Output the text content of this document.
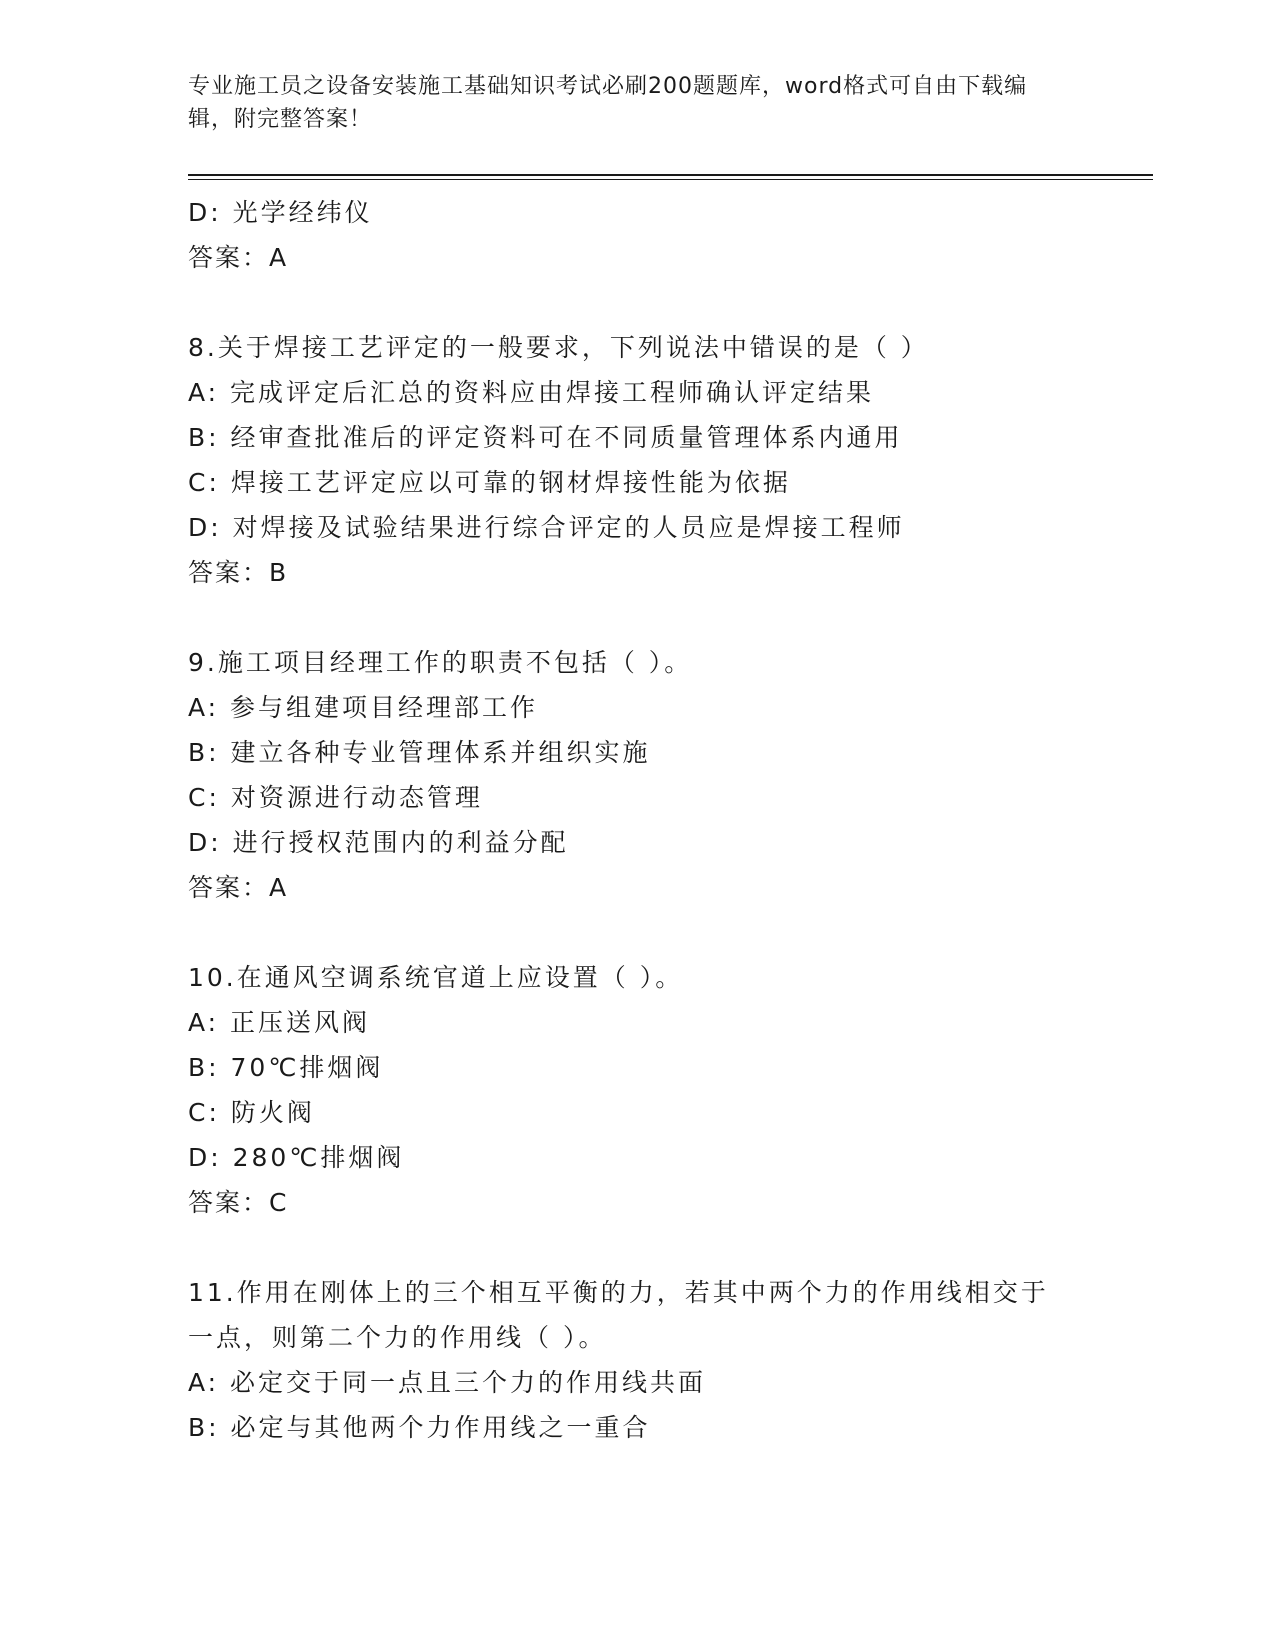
专业施工员之设备安装施工基础知识考试必刷200题题库，word格式可自由下载编辑，附完整答案！
D: 光学经纬仪
答案：A
8.关于焊接工艺评定的一般要求，下列说法中错误的是（ ）
A: 完成评定后汇总的资料应由焊接工程师确认评定结果
B: 经审查批准后的评定资料可在不同质量管理体系内通用
C: 焊接工艺评定应以可靠的钢材焊接性能为依据
D: 对焊接及试验结果进行综合评定的人员应是焊接工程师
答案：B
9.施工项目经理工作的职责不包括（ ）。
A: 参与组建项目经理部工作
B: 建立各种专业管理体系并组织实施
C: 对资源进行动态管理
D: 进行授权范围内的利益分配
答案：A
10.在通风空调系统官道上应设置（ ）。
A: 正压送风阀
B: 70℃排烟阀
C: 防火阀
D: 280℃排烟阀
答案：C
11.作用在刚体上的三个相互平衡的力，若其中两个力的作用线相交于一点，则第二个力的作用线（ ）。
A: 必定交于同一点且三个力的作用线共面
B: 必定与其他两个力作用线之一重合
